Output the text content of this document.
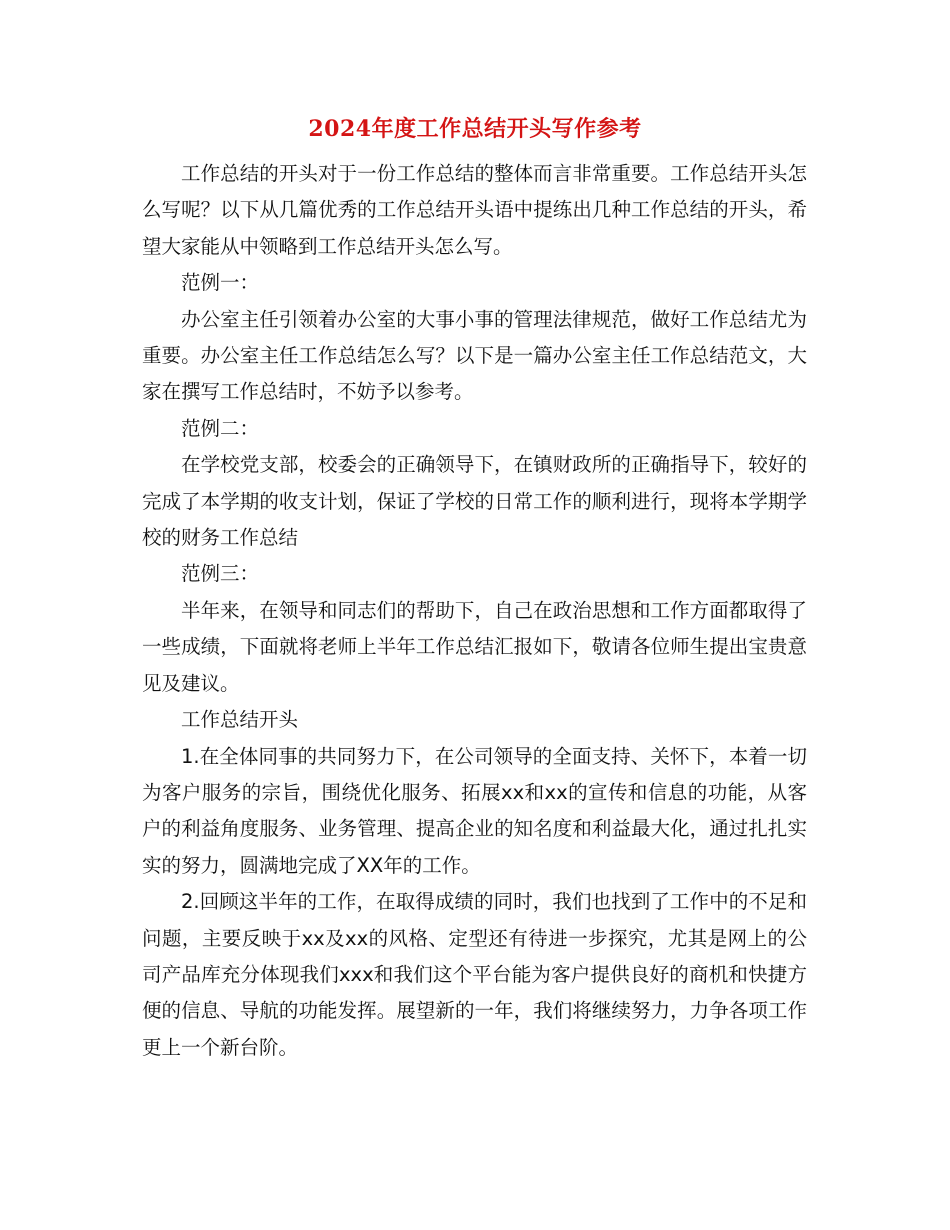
2024年度工作总结开头写作参考

工作总结的开头对于一份工作总结的整体而言非常重要。工作总结开头怎么写呢？以下从几篇优秀的工作总结开头语中提练出几种工作总结的开头，希望大家能从中领略到工作总结开头怎么写。

范例一：

办公室主任引领着办公室的大事小事的管理法律规范，做好工作总结尤为重要。办公室主任工作总结怎么写？以下是一篇办公室主任工作总结范文，大家在撰写工作总结时，不妨予以参考。

范例二：

在学校党支部，校委会的正确领导下，在镇财政所的正确指导下，较好的完成了本学期的收支计划，保证了学校的日常工作的顺利进行，现将本学期学校的财务工作总结

范例三：

半年来，在领导和同志们的帮助下，自己在政治思想和工作方面都取得了一些成绩，下面就将老师上半年工作总结汇报如下，敬请各位师生提出宝贵意见及建议。

工作总结开头

1.在全体同事的共同努力下，在公司领导的全面支持、关怀下，本着一切为客户服务的宗旨，围绕优化服务、拓展xx和xx的宣传和信息的功能，从客户的利益角度服务、业务管理、提高企业的知名度和利益最大化，通过扎扎实实的努力，圆满地完成了XX年的工作。

2.回顾这半年的工作，在取得成绩的同时，我们也找到了工作中的不足和问题，主要反映于xx及xx的风格、定型还有待进一步探究，尤其是网上的公司产品库充分体现我们xxx和我们这个平台能为客户提供良好的商机和快捷方便的信息、导航的功能发挥。展望新的一年，我们将继续努力，力争各项工作更上一个新台阶。
